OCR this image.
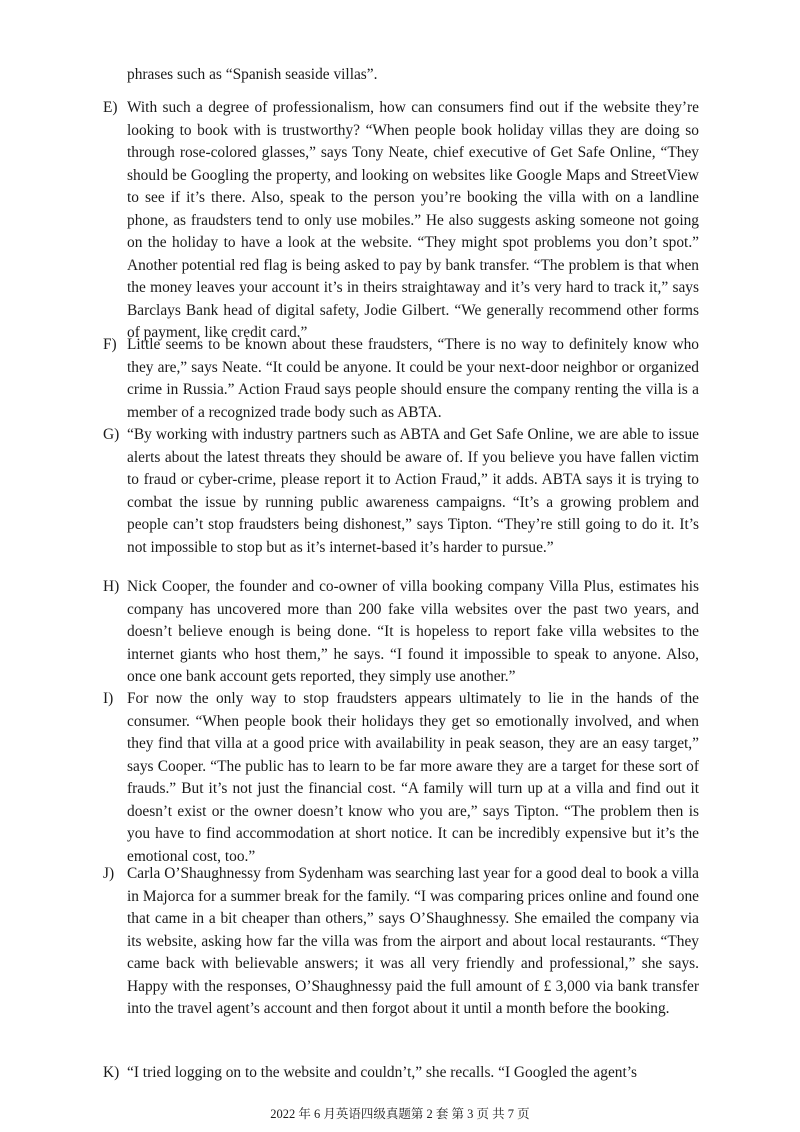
phrases such as “Spanish seaside villas”.
E) With such a degree of professionalism, how can consumers find out if the website they’re looking to book with is trustworthy? “When people book holiday villas they are doing so through rose-colored glasses,” says Tony Neate, chief executive of Get Safe Online, “They should be Googling the property, and looking on websites like Google Maps and StreetView to see if it’s there. Also, speak to the person you’re booking the villa with on a landline phone, as fraudsters tend to only use mobiles.” He also suggests asking someone not going on the holiday to have a look at the website. “They might spot problems you don’t spot.” Another potential red flag is being asked to pay by bank transfer. “The problem is that when the money leaves your account it’s in theirs straightaway and it’s very hard to track it,” says Barclays Bank head of digital safety, Jodie Gilbert. “We generally recommend other forms of payment, like credit card.”
F) Little seems to be known about these fraudsters, “There is no way to definitely know who they are,” says Neate. “It could be anyone. It could be your next-door neighbor or organized crime in Russia.” Action Fraud says people should ensure the company renting the villa is a member of a recognized trade body such as ABTA.
G) “By working with industry partners such as ABTA and Get Safe Online, we are able to issue alerts about the latest threats they should be aware of. If you believe you have fallen victim to fraud or cyber-crime, please report it to Action Fraud,” it adds. ABTA says it is trying to combat the issue by running public awareness campaigns. “It’s a growing problem and people can’t stop fraudsters being dishonest,” says Tipton. “They’re still going to do it. It’s not impossible to stop but as it’s internet-based it’s harder to pursue.”
H) Nick Cooper, the founder and co-owner of villa booking company Villa Plus, estimates his company has uncovered more than 200 fake villa websites over the past two years, and doesn’t believe enough is being done. “It is hopeless to report fake villa websites to the internet giants who host them,” he says. “I found it impossible to speak to anyone. Also, once one bank account gets reported, they simply use another.”
I) For now the only way to stop fraudsters appears ultimately to lie in the hands of the consumer. “When people book their holidays they get so emotionally involved, and when they find that villa at a good price with availability in peak season, they are an easy target,” says Cooper. “The public has to learn to be far more aware they are a target for these sort of frauds.” But it’s not just the financial cost. “A family will turn up at a villa and find out it doesn’t exist or the owner doesn’t know who you are,” says Tipton. “The problem then is you have to find accommodation at short notice. It can be incredibly expensive but it’s the emotional cost, too.”
J) Carla O’Shaughnessy from Sydenham was searching last year for a good deal to book a villa in Majorca for a summer break for the family. “I was comparing prices online and found one that came in a bit cheaper than others,” says O’Shaughnessy. She emailed the company via its website, asking how far the villa was from the airport and about local restaurants. “They came back with believable answers; it was all very friendly and professional,” she says. Happy with the responses, O’Shaughnessy paid the full amount of £ 3,000 via bank transfer into the travel agent’s account and then forgot about it until a month before the booking.
K) “I tried logging on to the website and couldn’t,” she recalls. “I Googled the agent’s
2022 年 6 月英语四级真题第 2 套 第 3 页 共 7 页
